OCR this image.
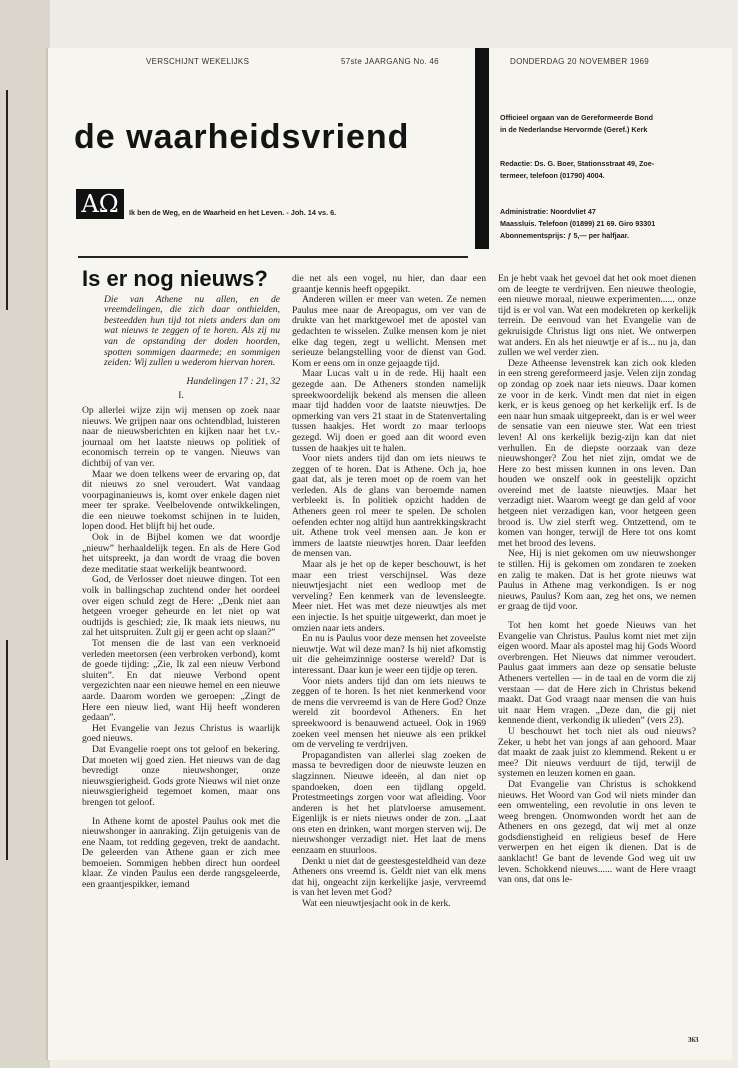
VERSCHIJNT WEKELIJKS	57ste JAARGANG No. 46	DONDERDAG 20 NOVEMBER 1969
de waarheidsvriend
Officieel orgaan van de Gereformeerde Bond
in de Nederlandse Hervormde (Geref.) Kerk
Redactie: Ds. G. Boer, Stationsstraat 49, Zoe-
termeer, telefoon (01790) 4004.
Administratie: Noordvliet 47
Maassluis. Telefoon (01899) 21 69. Giro 93301
Abonnementsprijs: ƒ 5,— per halfjaar.
AΩ	Ik ben de Weg, en de Waarheid en het Leven. - Joh. 14 vs. 6.
Is er nog nieuws?
Die van Athene nu allen, en de vreemdelingen, die zich daar onthielden, besteedden hun tijd tot niets anders dan om wat nieuws te zeggen of te horen. Als zij nu van de opstanding der doden hoorden, spotten sommigen daarmede; en sommigen zeiden: Wij zullen u wederom hiervan horen.
Handelingen 17 : 21, 32
I.

Op allerlei wijze zijn wij mensen op zoek naar nieuws. We grijpen naar ons ochtendblad, luisteren naar de nieuwsberichten en kijken naar het t.v.-journaal om het laatste nieuws op politiek of economisch terrein op te vangen. Nieuws van dichtbij of van ver.

Maar we doen telkens weer de ervaring op, dat dit nieuws zo snel veroudert. Wat vandaag voorpaginanieuws is, komt over enkele dagen niet meer ter sprake. Veelbelovende ontwikkelingen, die een nieuwe toekomst schijnen in te luiden, lopen dood. Het blijft bij het oude.

Ook in de Bijbel komen we dat woordje „nieuw” herhaaldelijk tegen. En als de Here God het uitspreekt, ja dan wordt de vraag die boven deze meditatie staat werkelijk beantwoord.

God, de Verlosser doet nieuwe dingen. Tot een volk in ballingschap zuchtend onder het oordeel over eigen schuld zegt de Here: „Denk niet aan hetgeen vroeger geheurde en let niet op wat oudtijds is geschied; zie, Ik maak iets nieuws, nu zal het uitspruiten. Zult gij er geen acht op slaan?”

Tot mensen die de last van een verknoeid verleden meetorsen (een verbroken verbond), komt de goede tijding: „Zie, Ik zal een nieuw Verbond sluiten”. En dat nieuwe Verbond opent vergezichten naar een nieuwe hemel en een nieuwe aarde. Daarom worden we geroepen: „Zingt de Here een nieuw lied, want Hij heeft wonderen gedaan”.

Het Evangelie van Jezus Christus is waarlijk goed nieuws.

Dat Evangelie roept ons tot geloof en bekering. Dat moeten wij goed zien. Het nieuws van de dag bevredigt onze nieuwshonger, onze nieuwsgierigheid. Gods grote Nieuws wil niet onze nieuwsgierigheid tegemoet komen, maar ons brengen tot geloof.

In Athene komt de apostel Paulus ook met die nieuwshonger in aanraking. Zijn getuigenis van de ene Naam, tot redding gegeven, trekt de aandacht. De geleerden van Athene gaan er zich mee bemoeien. Sommigen hebben direct hun oordeel klaar. Ze vinden Paulus een derde rangsgeleerde, een graantjespikker, iemand

die net als een vogel, nu hier, dan daar een graantje kennis heeft opgepikt.

Anderen willen er meer van weten. Ze nemen Paulus mee naar de Areopagus, om ver van de drukte van het marktgewoel met de apostel van gedachten te wisselen. Zulke mensen kom je niet elke dag tegen, zegt u wellicht. Mensen met serieuze belangstelling voor de dienst van God. Kom er eens om in onze gejaagde tijd.

Maar Lucas valt u in de rede. Hij haalt een gezegde aan. De Atheners stonden namelijk spreekwoordelijk bekend als mensen die alleen maar tijd hadden voor de laatste nieuwtjes. De opmerking van vers 21 staat in de Statenvertaling tussen haakjes. Het wordt zo maar terloops gezegd. Wij doen er goed aan dit woord even tussen de haakjes uit te halen.

Voor niets anders tijd dan om iets nieuws te zeggen of te horen. Dat is Athene. Och ja, hoe gaat dat, als je teren moet op de roem van het verleden. Als de glans van beroemde namen verbleekt is. In politiek opzicht hadden de Atheners geen rol meer te spelen. De scholen oefenden echter nog altijd hun aantrekkingskracht uit. Athene trok veel mensen aan. Je kon er immers de laatste nieuwtjes horen. Daar leefden de mensen van.

Maar als je het op de keper beschouwt, is het maar een triest verschijnsel. Was deze nieuwtjesjacht niet een wedloop met de verveling? Een kenmerk van de levensleegte. Meer niet. Het was met deze nieuwtjes als met een injectie. Is het spuitje uitgewerkt, dan moet je omzien naar iets anders.

En nu is Paulus voor deze mensen het zoveelste nieuwtje. Wat wil deze man? Is hij niet afkomstig uit die geheimzinnige oosterse wereld? Dat is interessant. Daar kun je weer een tijdje op teren.

Voor niets anders tijd dan om iets nieuws te zeggen of te horen. Is het niet kenmerkend voor de mens die vervreemd is van de Here God? Onze wereld zit boordevol Atheners. En het spreekwoord is benauwend actueel. Ook in 1969 zoeken veel mensen het nieuwe als een prikkel om de verveling te verdrijven.

Propagandisten van allerlei slag zoeken de massa te bevredigen door de nieuwste leuzen en slagzinnen. Nieuwe ideeën, al dan niet op spandoeken, doen een tijdlang opgeld. Protestmeetings zorgen voor wat afleiding. Voor anderen is het het platvloerse amusement. Eigenlijk is er niets nieuws onder de zon. „Laat ons eten en drinken, want morgen sterven wij. De nieuwshonger verzadigt niet. Het laat de mens eenzaam en stuurloos.

Denkt u niet dat de geestesgesteldheid van deze Atheners ons vreemd is. Geldt niet van elk mens dat hij, ongeacht zijn kerkelijke jasje, vervreemd is van het leven met God?

Wat een nieuwtjesjacht ook in de kerk.

En je hebt vaak het gevoel dat het ook moet dienen om de leegte te verdrijven. Een nieuwe theologie, een nieuwe moraal, nieuwe experimenten...... onze tijd is er vol van. Wat een modekreten op kerkelijk terrein. De eenvoud van het Evangelie van de gekruisigde Christus ligt ons niet. We ontwerpen wat anders. En als het nieuwtje er af is... nu ja, dan zullen we wel verder zien.

Deze Atheense levenstrek kan zich ook kleden in een streng gereformeerd jasje. Velen zijn zondag op zondag op zoek naar iets nieuws. Daar komen ze voor in de kerk. Vindt men dat niet in eigen kerk, er is keus genoeg op het kerkelijk erf. Is de een naar hun smaak uitgepreekt, dan is er wel weer de sensatie van een nieuwe ster. Wat een triest leven! Al ons kerkelijk bezig-zijn kan dat niet verhullen. En de diepste oorzaak van deze nieuwshonger? Zou het niet zijn, omdat we de Here zo best missen kunnen in ons leven. Dan houden we onszelf ook in geestelijk opzicht overeind met de laatste nieuwtjes. Maar het verzadigt niet. Waarom weegt ge dan geld af voor hetgeen niet verzadigen kan, voor hetgeen geen brood is. Uw ziel sterft weg. Ontzettend, om te komen van honger, terwijl de Here tot ons komt met het brood des levens.

Nee, Hij is niet gekomen om uw nieuwshonger te stillen. Hij is gekomen om zondaren te zoeken en zalig te maken. Dat is het grote nieuws wat Paulus in Athene mag verkondigen. Is er nog nieuws, Paulus? Kom aan, zeg het ons, we nemen er graag de tijd voor.

Tot hen komt het goede Nieuws van het Evangelie van Christus. Paulus komt niet met zijn eigen woord. Maar als apostel mag hij Gods Woord overbrengen. Het Nieuws dat nimmer veroudert. Paulus gaat immers aan deze op sensatie beluste Atheners vertellen — in de taal en de vorm die zij verstaan — dat de Here zich in Christus bekend maakt. Dat God vraagt naar mensen die van huis uit naar Hem vragen. „Deze dan, die gij niet kennende dient, verkondig ik ulieden” (vers 23).

U beschouwt het toch niet als oud nieuws? Zeker, u hebt het van jongs af aan gehoord. Maar dat maakt de zaak juist zo klemmend. Rekent u er mee? Dit nieuws verduurt de tijd, terwijl de systemen en leuzen komen en gaan.

Dat Evangelie van Christus is schokkend nieuws. Het Woord van God wil niets minder dan een omwenteling, een revolutie in ons leven te weeg brengen. Onomwonden wordt het aan de Atheners en ons gezegd, dat wij met al onze godsdienstigheid en religieus besef de Here verwerpen en het eigen ik dienen. Dat is de aanklacht! Ge bant de levende God weg uit uw leven. Schokkend nieuws...... want de Here vraagt van ons, dat ons le-

363
